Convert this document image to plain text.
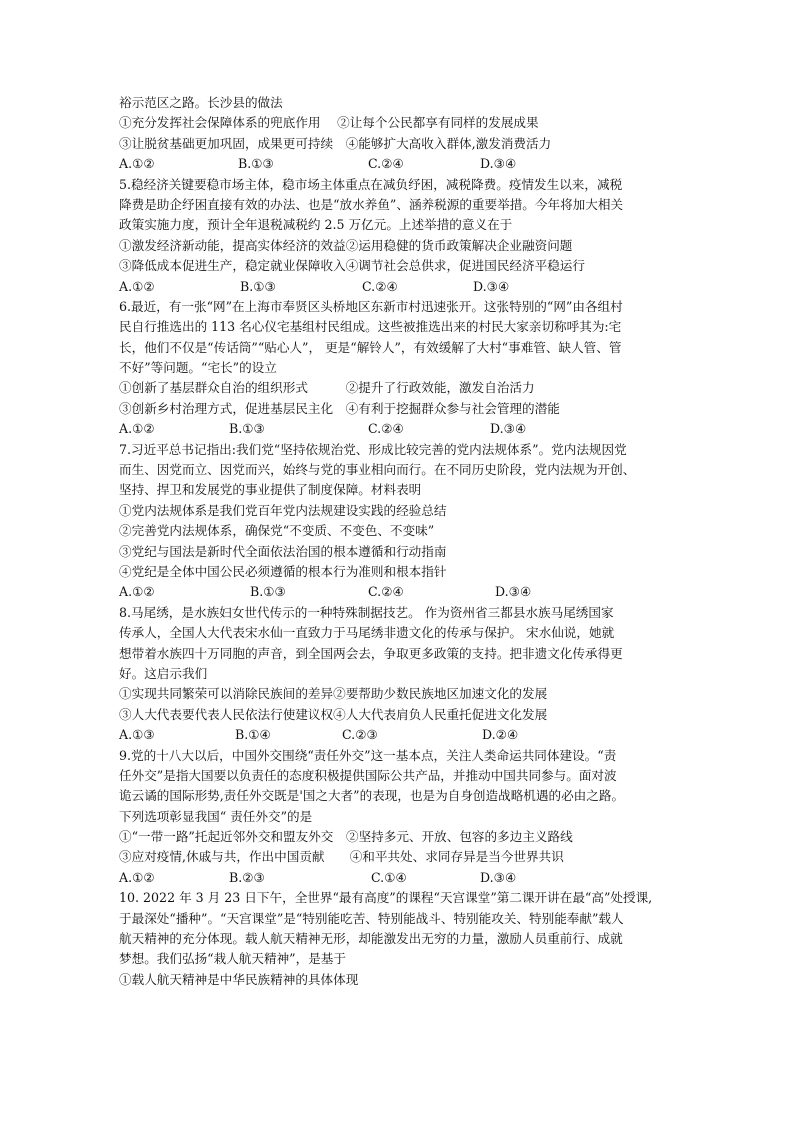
裕示范区之路。长沙县的做法
①充分发挥社会保障体系的兜底作用　 ②让每个公民都享有同样的发展成果
③让脱贫基础更加巩固，成果更可持续　④能够扩大高收入群体,激发消费活力
A.①②	B.①③	C.②④	D.③④
5.稳经济关键要稳市场主体，稳市场主体重点在减负纾困，减税降费。疫情发生以来，减税
降费是助企纾困直接有效的办法、也是“放水养鱼”、涵养税源的重要举措。今年将加大相关
政策实施力度，预计全年退税减税约 2.5 万亿元。上述举措的意义在于
①激发经济新动能，提高实体经济的效益②运用稳健的货币政策解决企业融资问题
③降低成本促进生产，稳定就业保障收入④调节社会总供求，促进国民经济平稳运行
A.①②	B.①③	C.②④	D.③④
6.最近，有一张“网”在上海市奉贤区头桥地区东新市村迅速张开。这张特别的“网”由各组村
民自行推选出的 113 名心仪宅基组村民组成。这些被推选出来的村民大家亲切称呼其为:宅
长，他们不仅是“传话筒”“贴心人”， 更是“解铃人”，有效缓解了大村“事难管、缺人管、管
不好”等问题。“宅长”的设立
①创新了基层群众自治的组织形式　　　②提升了行政效能，激发自治活力
③创新乡村治理方式，促进基层民主化　④有利于挖掘群众参与社会管理的潜能
A.①②	B.①③	C.②④	D.③④
7.习近平总书记指出:我们党“坚持依规治党、形成比较完善的党内法规体系”。党内法规因党
而生、因党而立、因党而兴，始终与党的事业相向而行。在不同历史阶段，党内法规为开创、
坚持、捍卫和发展党的事业提供了制度保障。材料表明
①党内法规体系是我们党百年党内法规建设实践的经验总结
②完善党内法规体系，确保党“不变质、不变色、不变味”
③党纪与国法是新时代全面依法治国的根本遵循和行动指南
④党纪是全体中国公民必须遵循的根本行为准则和根本指针
A.①②	B.①③	C.②④	D.③④
8.马尾绣，是水族妇女世代传示的一种特殊制据技艺。 作为资州省三都县水族马尾绣国家
传承人，全国人大代表宋水仙一直致力于马尾绣非遗文化的传承与保护。 宋水仙说，她就
想带着水族四十万同胞的声音，到全国两会去，争取更多政策的支持。把非遗文化传承得更
好。这启示我们
①实现共同繁荣可以消除民族间的差异②要帮助少数民族地区加速文化的发展
③人大代表要代表人民依法行使建议权④人大代表肩负人民重托促进文化发展
A.①③	B.①④	C.②③	D.②④
9.党的十八大以后，中国外交围绕“责任外交”这一基本点，关注人类命运共同体建设。“责
任外交”是指大国要以负责任的态度积极提供国际公共产品，并推动中国共同参与。面对波
诡云谲的国际形势,责任外交既是'国之大者”的表现，也是为自身创造战略机遇的必由之路。
下列选项彰显我国“ 责任外交”的是
①“一带一路”托起近邻外交和盟友外交　②坚持多元、开放、包容的多边主义路线
③应对疫情,休戚与共，作出中国贡献　　④和平共处、求同存异是当今世界共识
A.①②	B.②③	C.①④	D.③④
10. 2022 年 3 月 23 日下午，全世界“最有高度”的课程“天宫课堂”第二课开讲在最“高”处授课,
于最深处“播种”。“天宫课堂”是“特别能吃苦、特别能战斗、特别能攻关、特别能奉献”载人
航天精神的充分体现。载人航天精神无形，却能激发出无穷的力量，激励人员重前行、成就
梦想。我们弘扬“栽人航天精神”，是基于
①载人航天精神是中华民族精神的具体体现
